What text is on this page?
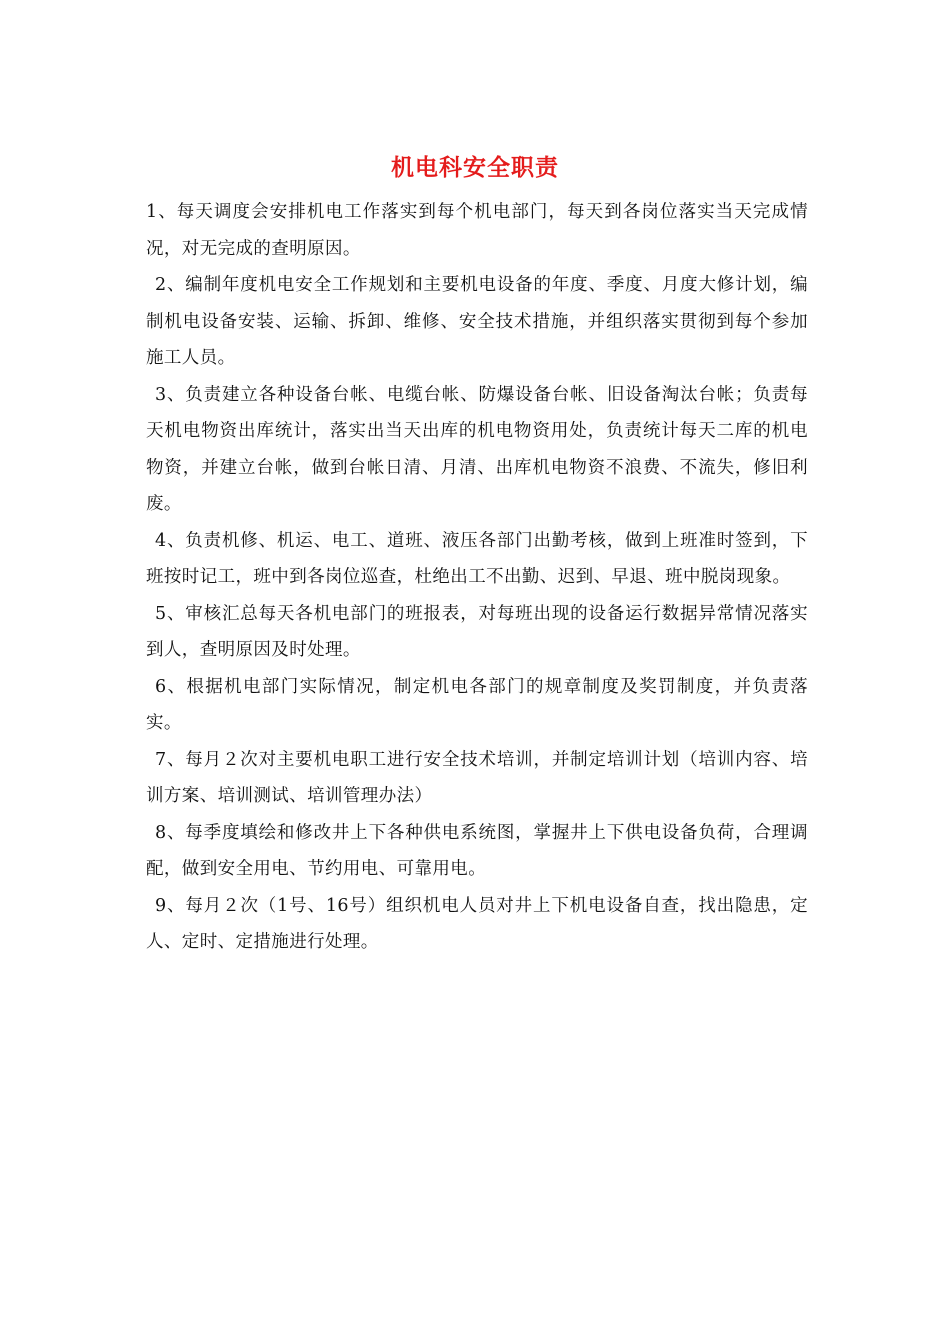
机电科安全职责

1、每天调度会安排机电工作落实到每个机电部门，每天到各岗位落实当天完成情况，对无完成的查明原因。

2、编制年度机电安全工作规划和主要机电设备的年度、季度、月度大修计划，编制机电设备安装、运输、拆卸、维修、安全技术措施，并组织落实贯彻到每个参加施工人员。

3、负责建立各种设备台帐、电缆台帐、防爆设备台帐、旧设备淘汰台帐；负责每天机电物资出库统计，落实出当天出库的机电物资用处，负责统计每天二库的机电物资，并建立台帐，做到台帐日清、月清、出库机电物资不浪费、不流失，修旧利废。

4、负责机修、机运、电工、道班、液压各部门出勤考核，做到上班准时签到，下班按时记工，班中到各岗位巡查，杜绝出工不出勤、迟到、早退、班中脱岗现象。

5、审核汇总每天各机电部门的班报表，对每班出现的设备运行数据异常情况落实到人，查明原因及时处理。

6、根据机电部门实际情况，制定机电各部门的规章制度及奖罚制度，并负责落实。

7、每月２次对主要机电职工进行安全技术培训，并制定培训计划（培训内容、培训方案、培训测试、培训管理办法）

8、每季度填绘和修改井上下各种供电系统图，掌握井上下供电设备负荷，合理调配，做到安全用电、节约用电、可靠用电。

9、每月２次（1号、16号）组织机电人员对井上下机电设备自查，找出隐患，定人、定时、定措施进行处理。
